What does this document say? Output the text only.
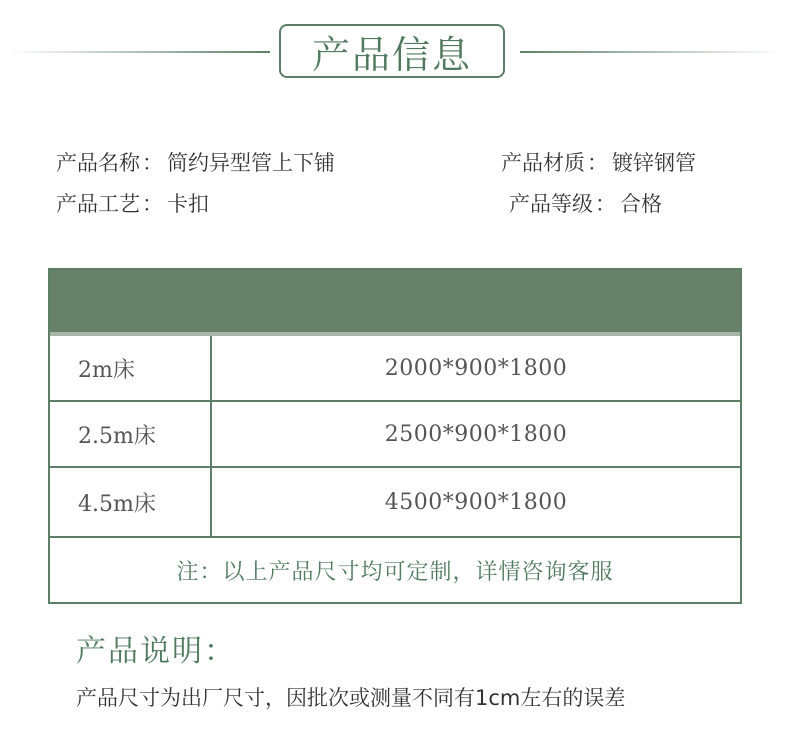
产品信息
产品名称： 简约异型管上下铺	产品材质： 镀锌钢管
产品工艺： 卡扣	产品等级： 合格
2m床	2000*900*1800
2.5m床	2500*900*1800
4.5m床	4500*900*1800
注：以上产品尺寸均可定制，详情咨询客服
产品说明：
产品尺寸为出厂尺寸，因批次或测量不同有1cm左右的误差
